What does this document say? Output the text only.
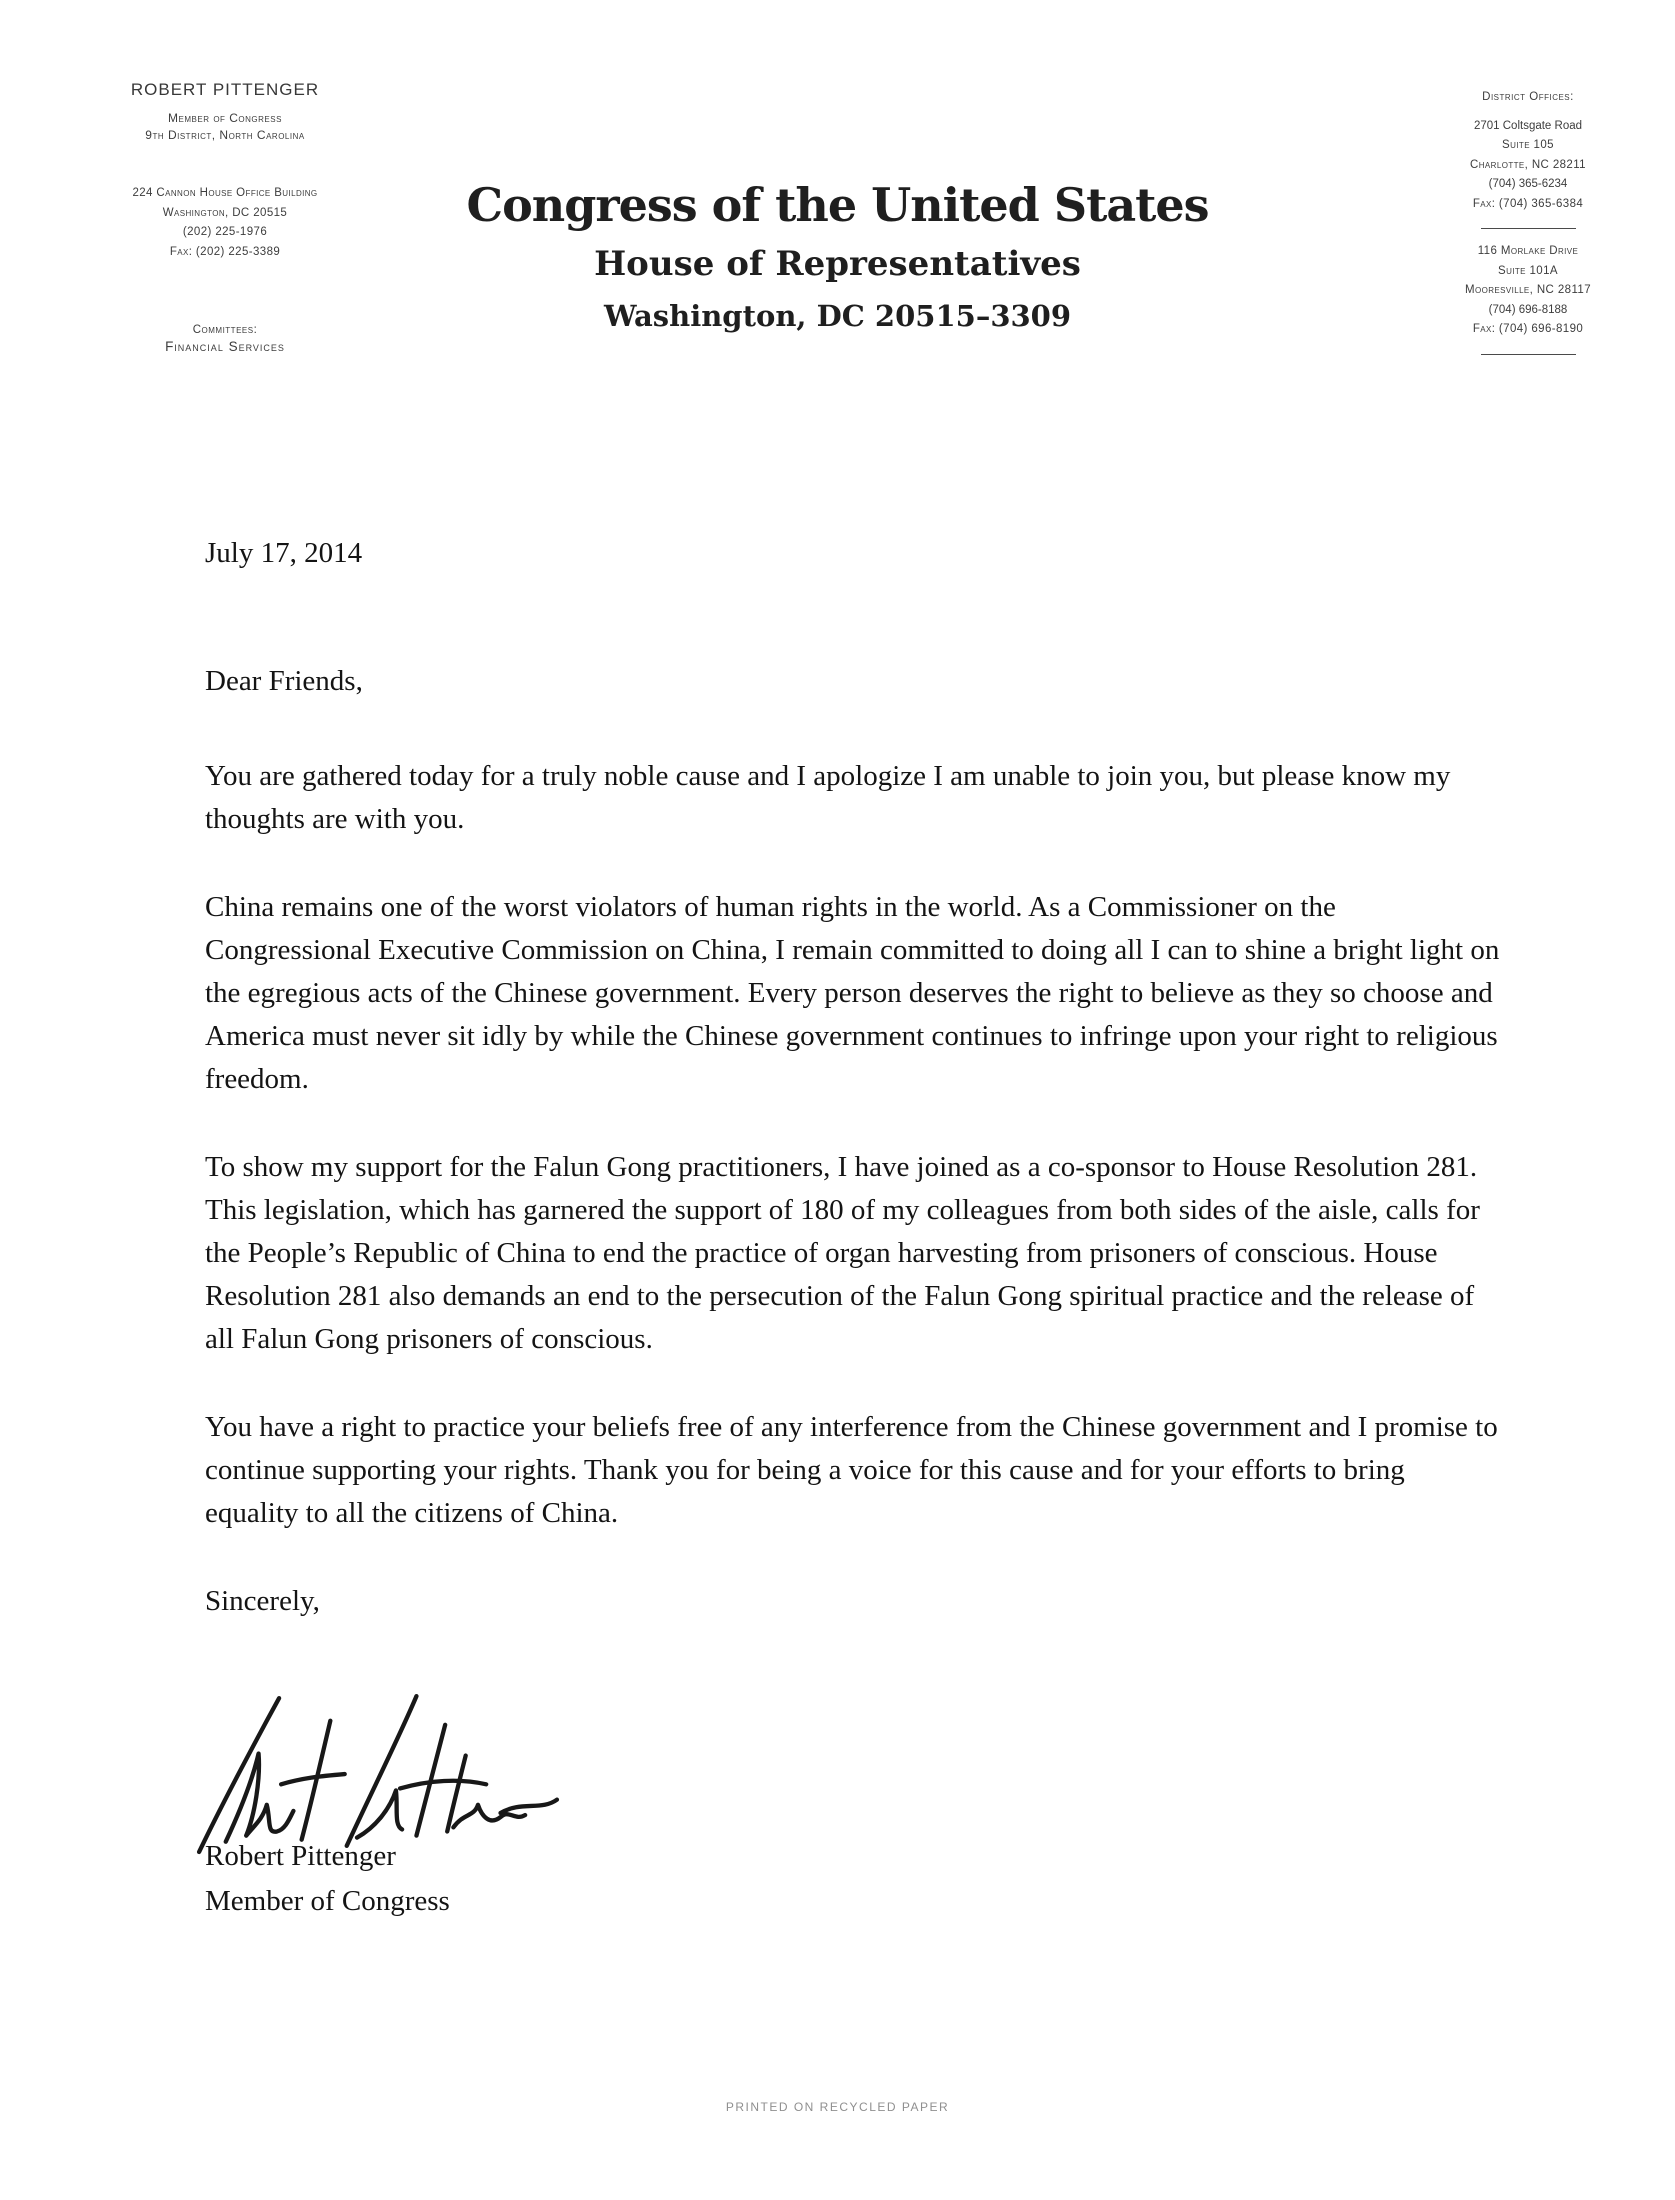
ROBERT PITTENGER
Member of Congress
9th District, North Carolina
224 Cannon House Office Building
Washington, DC 20515
(202) 225-1976
Fax: (202) 225-3389
Committees:
Financial Services
Congress of the United States
House of Representatives
Washington, DC 20515–3309
District Offices:
2701 Coltsgate Road
Suite 105
Charlotte, NC 28211
(704) 365-6234
Fax: (704) 365-6384
116 Morlake Drive
Suite 101A
Mooresville, NC 28117
(704) 696-8188
Fax: (704) 696-8190

July 17, 2014

Dear Friends,

You are gathered today for a truly noble cause and I apologize I am unable to join you, but please know my thoughts are with you.

China remains one of the worst violators of human rights in the world. As a Commissioner on the Congressional Executive Commission on China, I remain committed to doing all I can to shine a bright light on the egregious acts of the Chinese government. Every person deserves the right to believe as they so choose and America must never sit idly by while the Chinese government continues to infringe upon your right to religious freedom.

To show my support for the Falun Gong practitioners, I have joined as a co-sponsor to House Resolution 281. This legislation, which has garnered the support of 180 of my colleagues from both sides of the aisle, calls for the People’s Republic of China to end the practice of organ harvesting from prisoners of conscious. House Resolution 281 also demands an end to the persecution of the Falun Gong spiritual practice and the release of all Falun Gong prisoners of conscious.

You have a right to practice your beliefs free of any interference from the Chinese government and I promise to continue supporting your rights. Thank you for being a voice for this cause and for your efforts to bring equality to all the citizens of China.

Sincerely,

Robert Pittenger
Member of Congress
PRINTED ON RECYCLED PAPER
